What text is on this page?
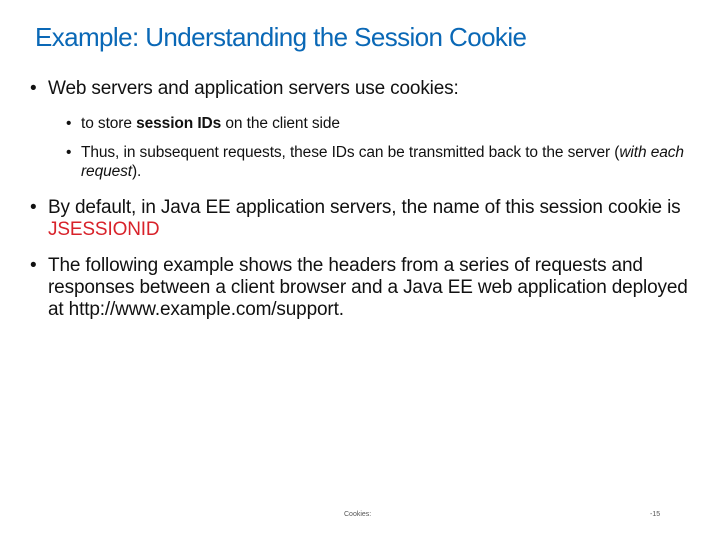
Example: Understanding the Session Cookie
• Web servers and application servers use cookies:
• to store session IDs on the client side
• Thus, in subsequent requests, these IDs can be transmitted back to the server (with each request).
• By default, in Java EE application servers, the name of this session cookie is JSESSIONID
• The following example shows the headers from a series of requests and responses between a client browser and a Java EE web application deployed at http://www.example.com/support.
Cookies:	-15
